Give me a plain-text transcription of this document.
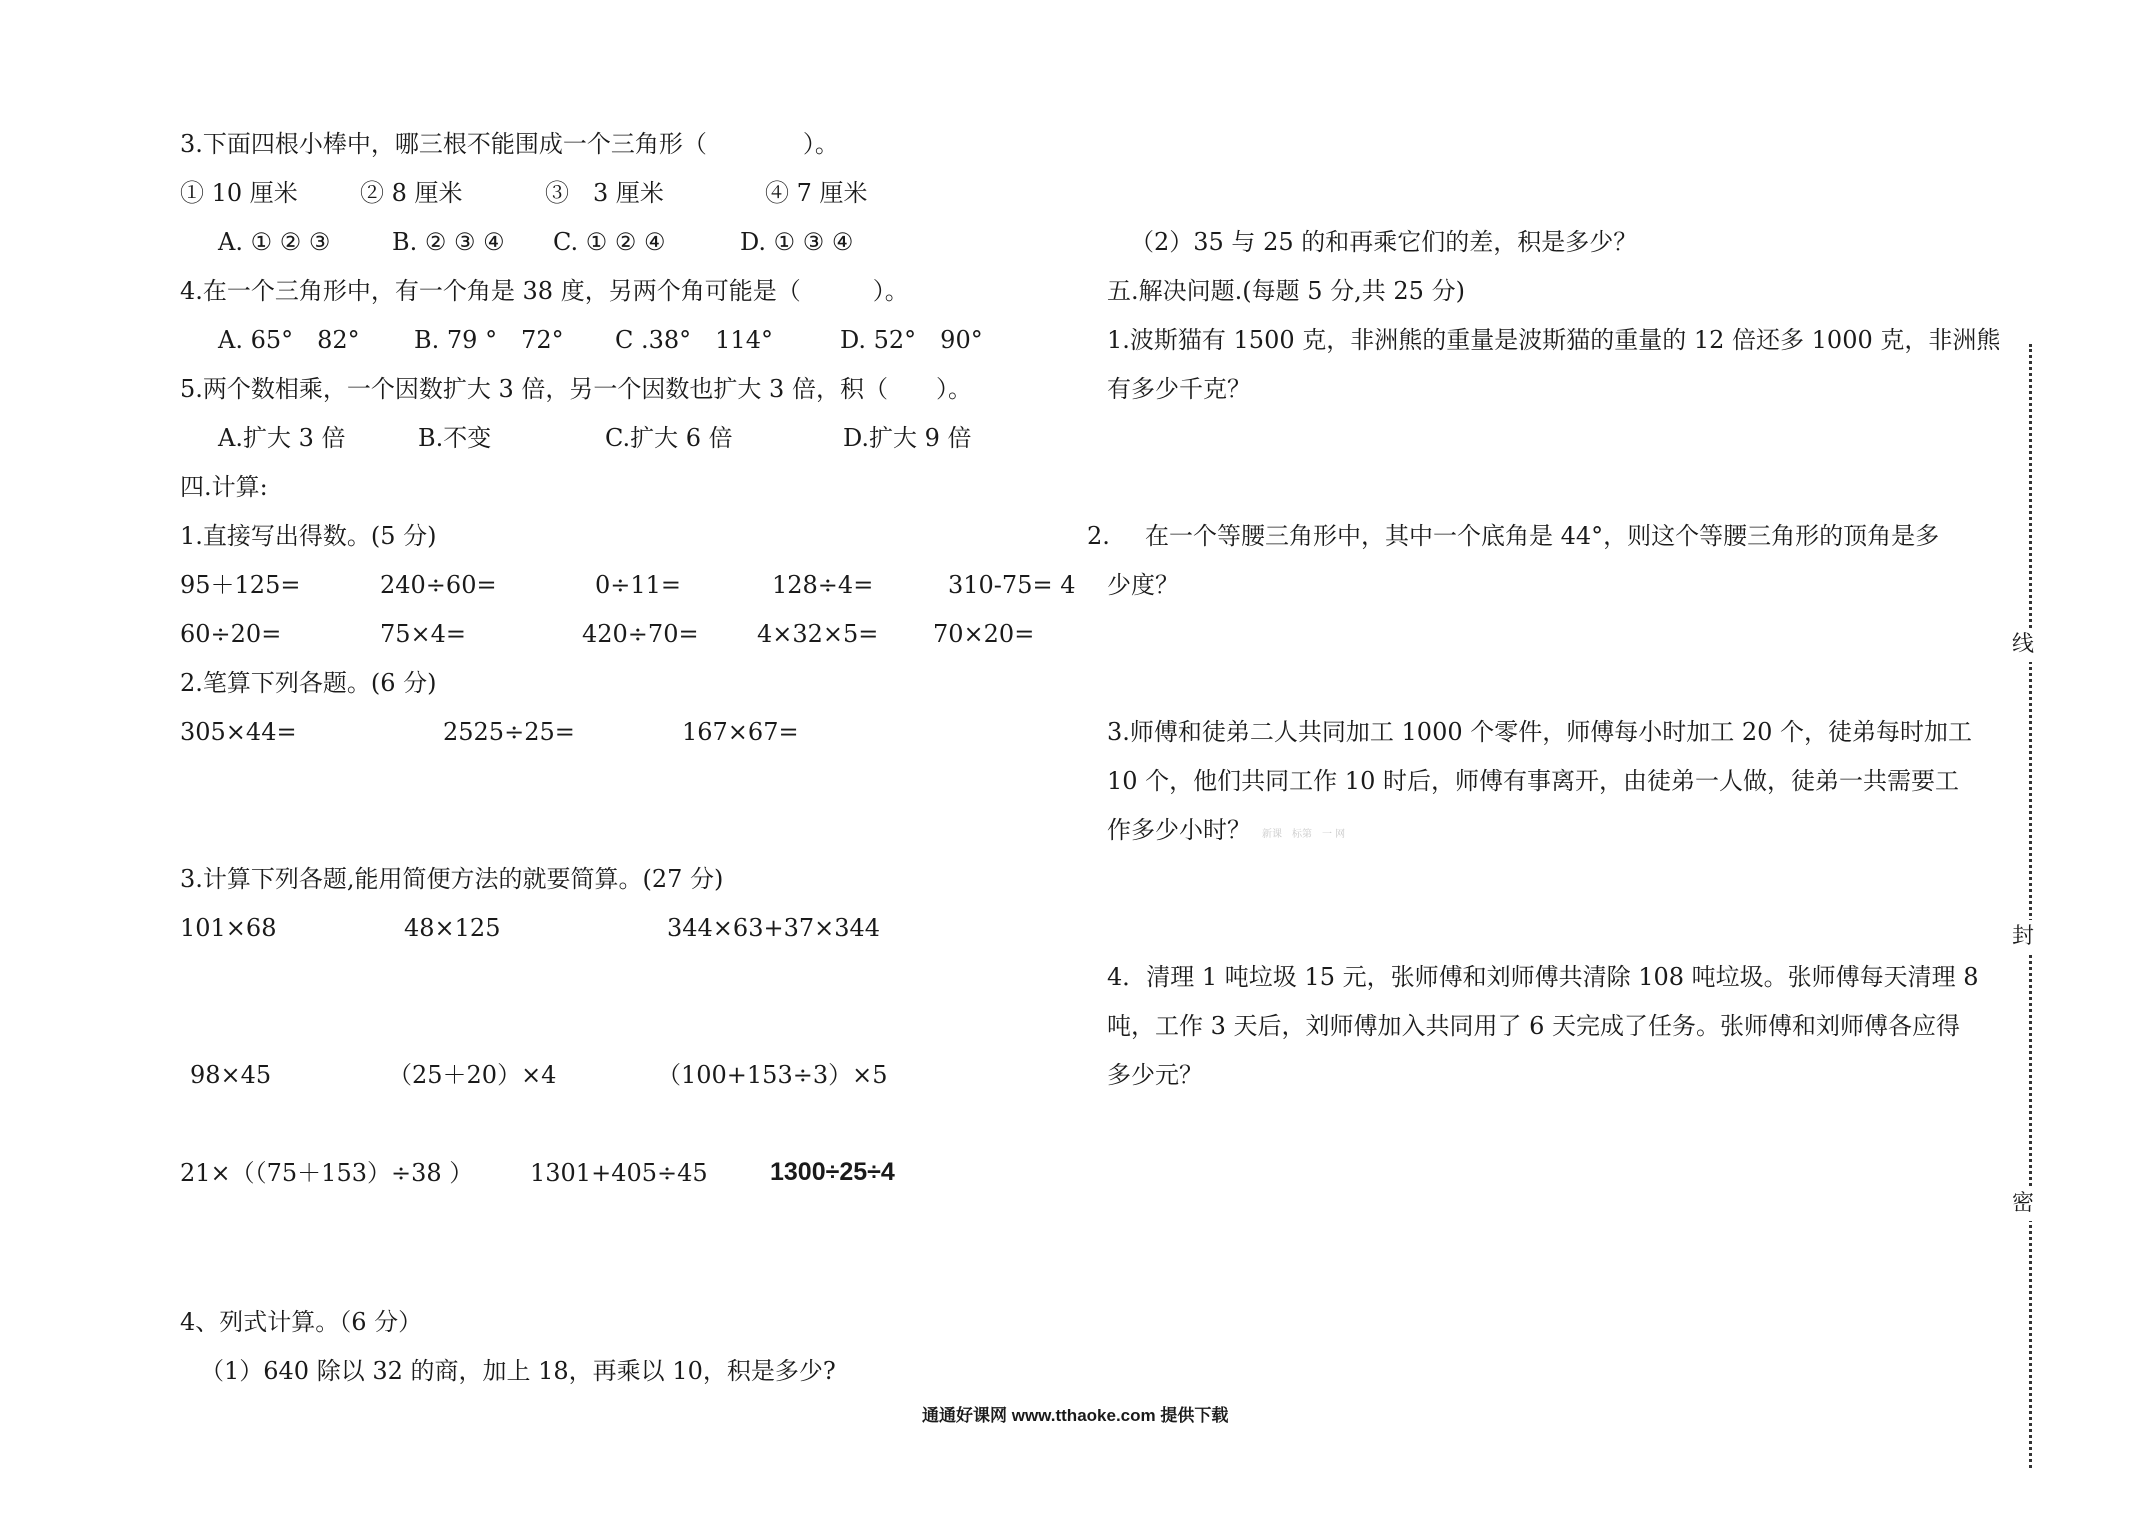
3.下面四根小棒中，哪三根不能围成一个三角形（　　　　）。
① 10 厘米	② 8 厘米	③　3 厘米	④ 7 厘米
A. ① ② ③	B. ② ③ ④ C. ① ② ④	D. ① ③ ④
4.在一个三角形中，有一个角是 38 度，另两个角可能是（　　　）。
A. 65°　82° B. 79 °　72° C .38°　114°	D. 52°　90°
5.两个数相乘，一个因数扩大 3 倍，另一个因数也扩大 3 倍，积（　　）。
A.扩大 3 倍	B.不变	C.扩大 6 倍	D.扩大 9 倍
四.计算:
1.直接写出得数。(5 分)
95＋125=	240÷60=	0÷11=	128÷4=	310-75= 4
60÷20=	75×4=	420÷70= 4×32×5= 70×20=
2.笔算下列各题。(6 分)
305×44=	2525÷25=	167×67=
3.计算下列各题,能用简便方法的就要简算。(27 分)
101×68	48×125	344×63+37×344
98×45	（25＋20）×4	（100+153÷3）×5
21×（（75＋153）÷38 ） 1301+405÷45 1300÷25÷4
4、列式计算。（6 分）
（1）640 除以 32 的商，加上 18，再乘以 10，积是多少?
（2）35 与 25 的和再乘它们的差，积是多少？
五.解决问题.(每题 5 分,共 25 分)
1.波斯猫有 1500 克，非洲熊的重量是波斯猫的重量的 12 倍还多 1000 克，非洲熊
有多少千克？
2. 在一个等腰三角形中，其中一个底角是 44°，则这个等腰三角形的顶角是多
少度？
3.师傅和徒弟二人共同加工 1000 个零件，师傅每小时加工 20 个，徒弟每时加工
10 个，他们共同工作 10 时后，师傅有事离开，由徒弟一人做，徒弟一共需要工
作多少小时？ 新课　标第　一 网
4．清理 1 吨垃圾 15 元，张师傅和刘师傅共清除 108 吨垃圾。张师傅每天清理 8
吨，工作 3 天后，刘师傅加入共同用了 6 天完成了任务。张师傅和刘师傅各应得
多少元？
线
封
密
通通好课网 www.tthaoke.com 提供下载
